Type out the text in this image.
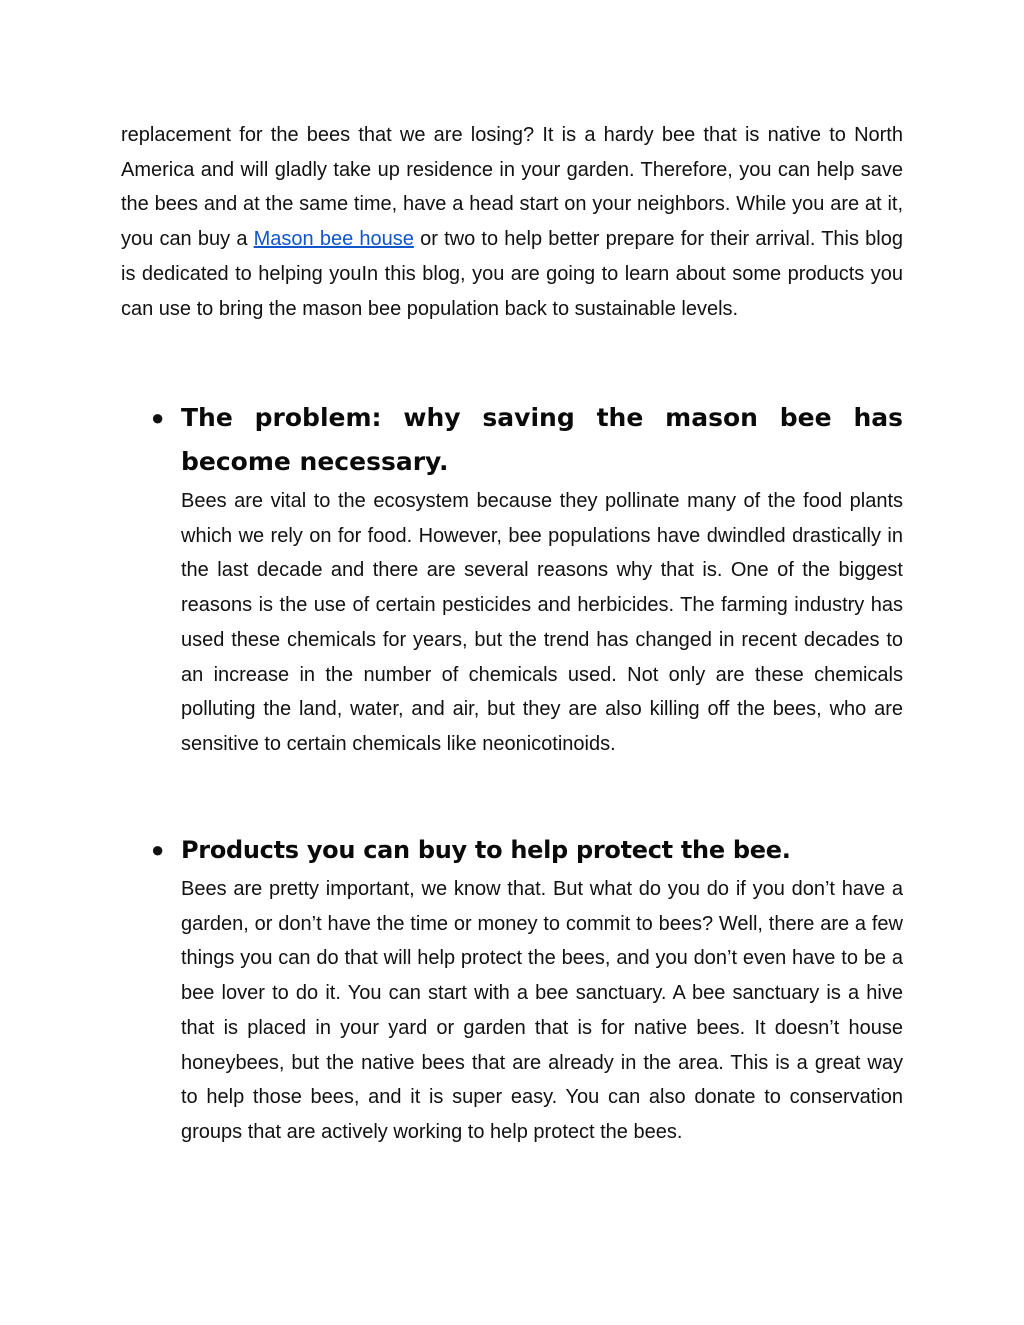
replacement for the bees that we are losing? It is a hardy bee that is native to North America and will gladly take up residence in your garden. Therefore, you can help save the bees and at the same time, have a head start on your neighbors. While you are at it, you can buy a Mason bee house or two to help better prepare for their arrival. This blog is dedicated to helping youIn this blog, you are going to learn about some products you can use to bring the mason bee population back to sustainable levels.

● The problem: why saving the mason bee has become necessary.

Bees are vital to the ecosystem because they pollinate many of the food plants which we rely on for food. However, bee populations have dwindled drastically in the last decade and there are several reasons why that is. One of the biggest reasons is the use of certain pesticides and herbicides. The farming industry has used these chemicals for years, but the trend has changed in recent decades to an increase in the number of chemicals used. Not only are these chemicals polluting the land, water, and air, but they are also killing off the bees, who are sensitive to certain chemicals like neonicotinoids.

● Products you can buy to help protect the bee.

Bees are pretty important, we know that. But what do you do if you don’t have a garden, or don’t have the time or money to commit to bees? Well, there are a few things you can do that will help protect the bees, and you don’t even have to be a bee lover to do it. You can start with a bee sanctuary. A bee sanctuary is a hive that is placed in your yard or garden that is for native bees. It doesn’t house honeybees, but the native bees that are already in the area. This is a great way to help those bees, and it is super easy. You can also donate to conservation groups that are actively working to help protect the bees.
